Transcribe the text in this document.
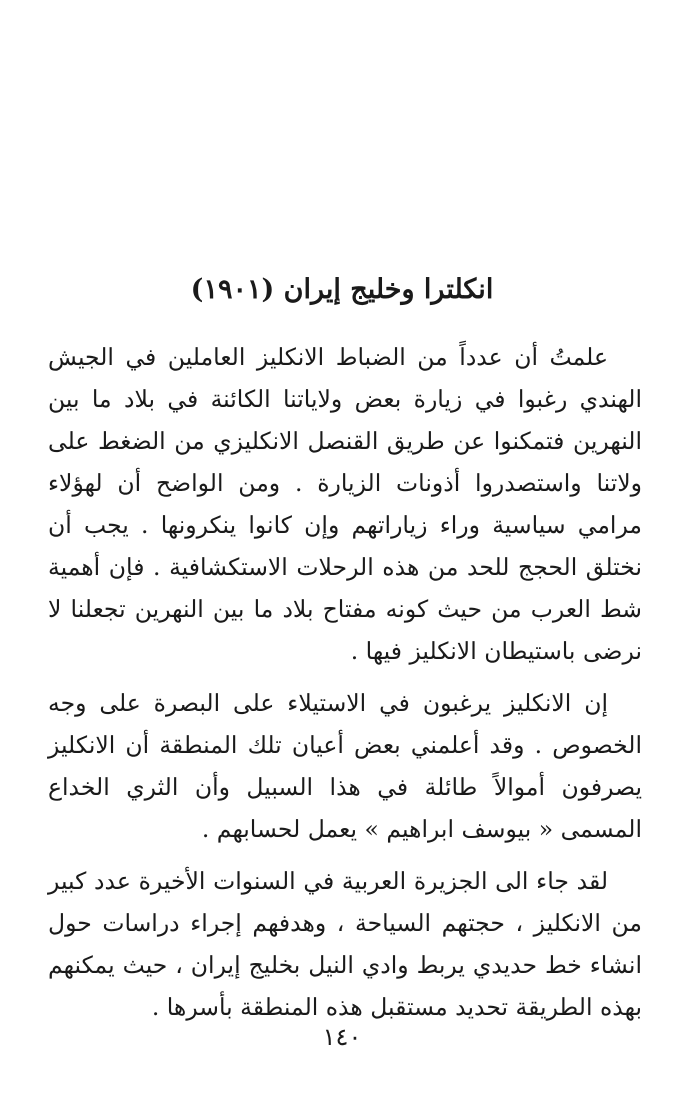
انكلترا وخليج إيران (١٩٠١)

علمتُ أن عدداً من الضباط الانكليز العاملين في الجيش الهندي رغبوا في زيارة بعض ولاياتنا الكائنة في بلاد ما بين النهرين فتمكنوا عن طريق القنصل الانكليزي من الضغط على ولاتنا واستصدروا أذونات الزيارة . ومن الواضح أن لهؤلاء مرامي سياسية وراء زياراتهم وإن كانوا ينكرونها . يجب أن نختلق الحجج للحد من هذه الرحلات الاستكشافية . فإن أهمية شط العرب من حيث كونه مفتاح بلاد ما بين النهرين تجعلنا لا نرضى باستيطان الانكليز فيها .

إن الانكليز يرغبون في الاستيلاء على البصرة على وجه الخصوص . وقد أعلمني بعض أعيان تلك المنطقة أن الانكليز يصرفون أموالاً طائلة في هذا السبيل وأن الثري الخداع المسمى « بيوسف ابراهيم » يعمل لحسابهم .

لقد جاء الى الجزيرة العربية في السنوات الأخيرة عدد كبير من الانكليز ، حجتهم السياحة ، وهدفهم إجراء دراسات حول انشاء خط حديدي يربط وادي النيل بخليج إيران ، حيث يمكنهم بهذه الطريقة تحديد مستقبل هذه المنطقة بأسرها .

١٤٠
